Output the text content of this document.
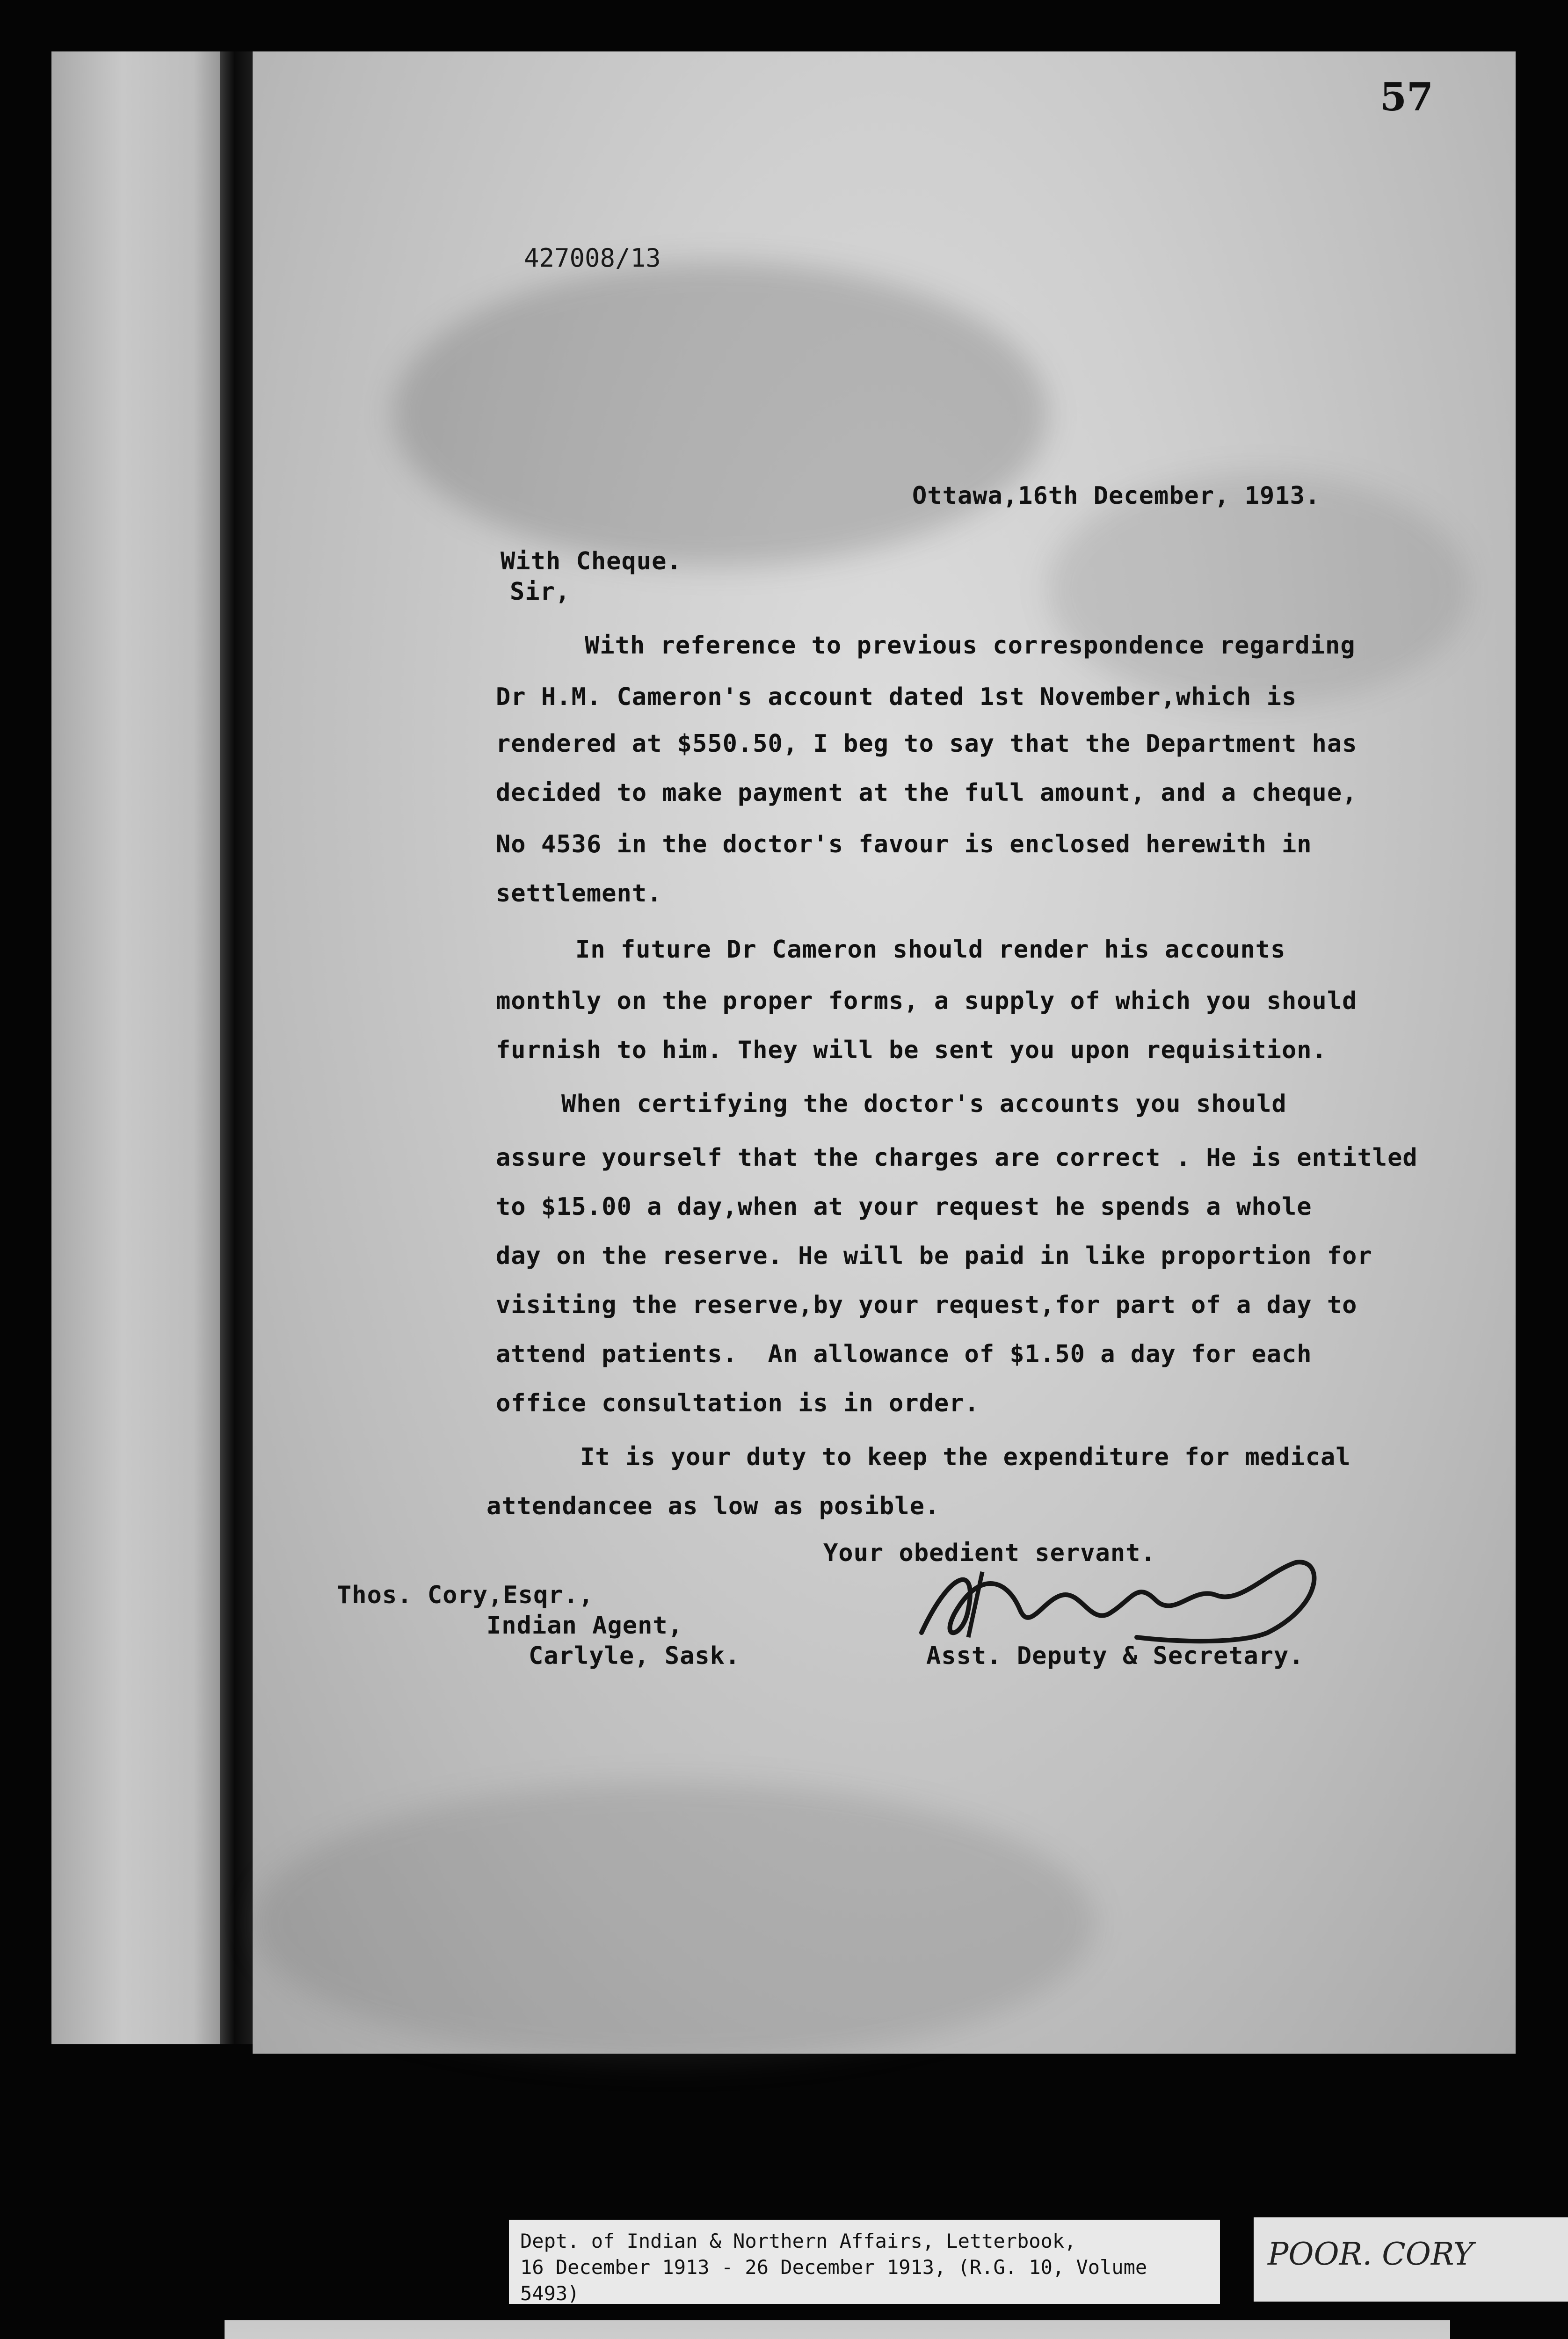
57
427008/13
Ottawa,16th December, 1913.
With Cheque.
Sir,
With reference to previous correspondence regarding
Dr H.M. Cameron's account dated 1st November,which is
rendered at $550.50, I beg to say that the Department has
decided to make payment at the full amount, and a cheque,
No 4536 in the doctor's favour is enclosed herewith in
settlement.
In future Dr Cameron should render his accounts
monthly on the proper forms, a supply of which you should
furnish to him. They will be sent you upon requisition.
When certifying the doctor's accounts you should
assure yourself that the charges are correct . He is entitled
to $15.00 a day,when at your request he spends a whole
day on the reserve. He will be paid in like proportion for
visiting the reserve,by your request,for part of a day to
attend patients.  An allowance of $1.50 a day for each
office consultation is in order.
It is your duty to keep the expenditure for medical
attendancee as low as posible.
Your obedient servant.
Thos. Cory,Esqr.,
Indian Agent,
Carlyle, Sask.	Asst. Deputy & Secretary.
Dept. of Indian & Northern Affairs, Letterbook,
16 December 1913 - 26 December 1913, (R.G. 10, Volume 5493)
POOR. CORY
